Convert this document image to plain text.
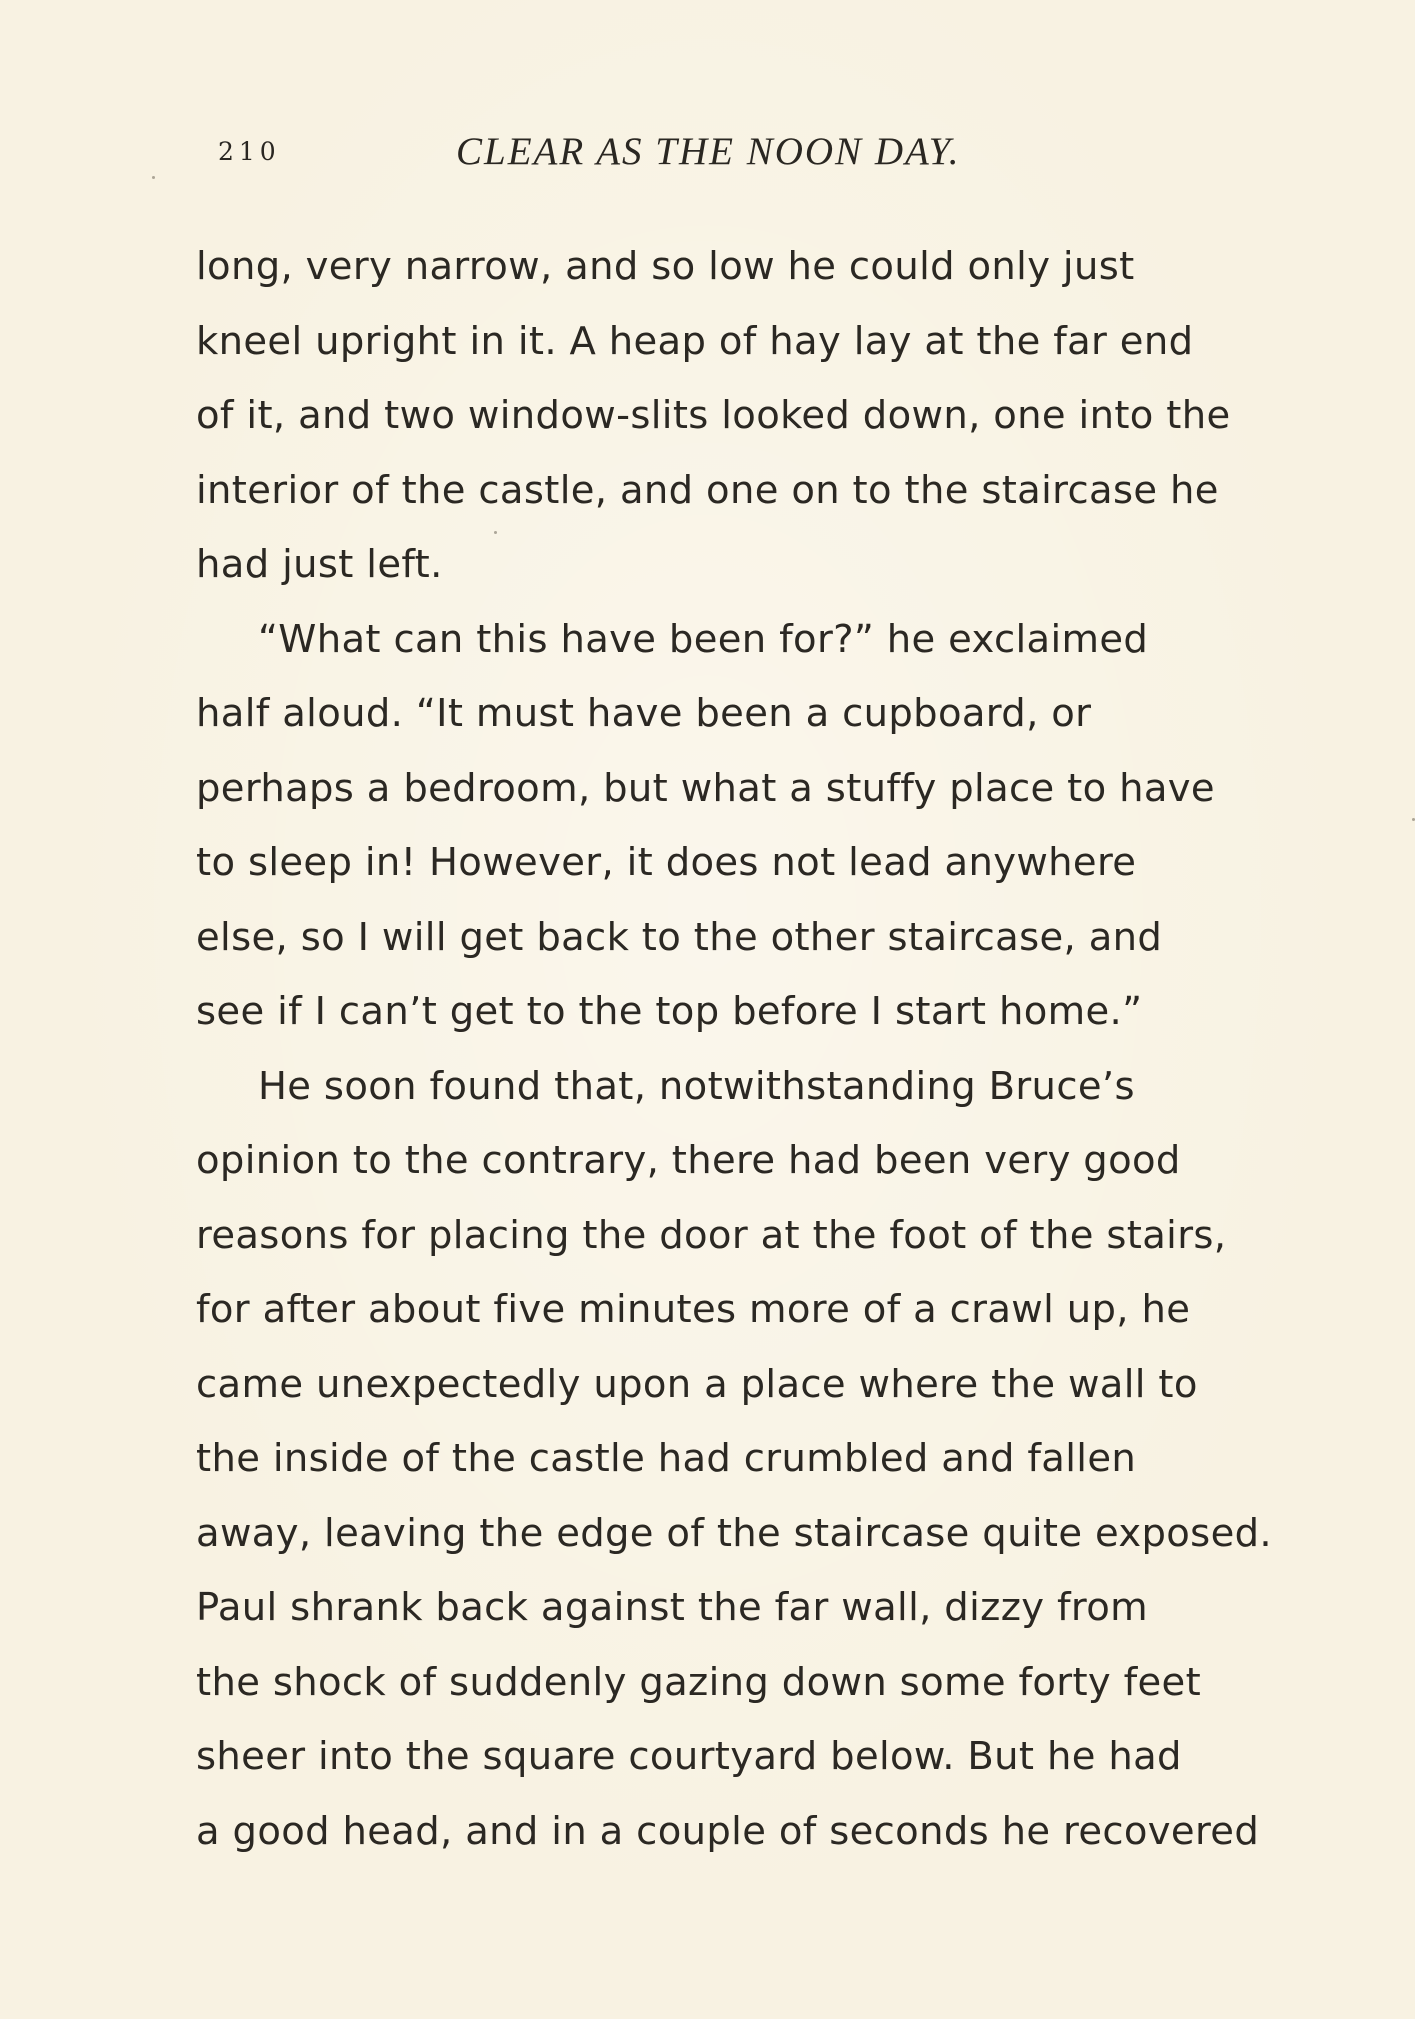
210	CLEAR AS THE NOON DAY.
long, very narrow, and so low he could only just
kneel upright in it. A heap of hay lay at the far end
of it, and two window-slits looked down, one into the
interior of the castle, and one on to the staircase he
had just left.
“What can this have been for?” he exclaimed
half aloud. “It must have been a cupboard, or
perhaps a bedroom, but what a stuffy place to have
to sleep in! However, it does not lead anywhere
else, so I will get back to the other staircase, and
see if I can’t get to the top before I start home.”
He soon found that, notwithstanding Bruce’s
opinion to the contrary, there had been very good
reasons for placing the door at the foot of the stairs,
for after about five minutes more of a crawl up, he
came unexpectedly upon a place where the wall to
the inside of the castle had crumbled and fallen
away, leaving the edge of the staircase quite exposed.
Paul shrank back against the far wall, dizzy from
the shock of suddenly gazing down some forty feet
sheer into the square courtyard below. But he had
a good head, and in a couple of seconds he recovered
